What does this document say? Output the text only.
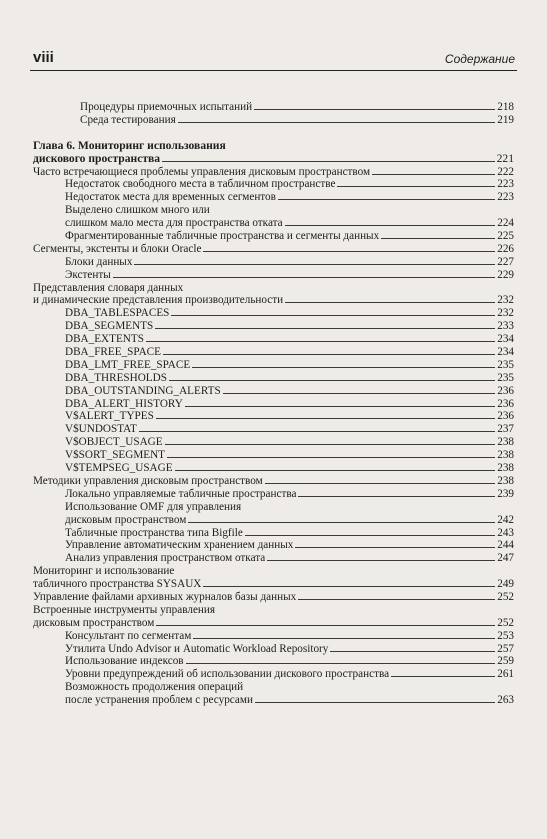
viii	Содержание
Процедуры приемочных испытаний	218
Среда тестирования	219
Глава 6. Мониторинг использования
дискового пространства	221
Часто встречающиеся проблемы управления дисковым пространством	222
Недостаток свободного места в табличном пространстве	223
Недостаток места для временных сегментов	223
Выделено слишком много или
слишком мало места для пространства отката	224
Фрагментированные табличные пространства и сегменты данных	225
Сегменты, экстенты и блоки Oracle	226
Блоки данных	227
Экстенты	229
Представления словаря данных
и динамические представления производительности	232
DBA_TABLESPACES	232
DBA_SEGMENTS	233
DBA_EXTENTS	234
DBA_FREE_SPACE	234
DBA_LMT_FREE_SPACE	235
DBA_THRESHOLDS	235
DBA_OUTSTANDING_ALERTS	236
DBA_ALERT_HISTORY	236
V$ALERT_TYPES	236
V$UNDOSTAT	237
V$OBJECT_USAGE	238
V$SORT_SEGMENT	238
V$TEMPSEG_USAGE	238
Методики управления дисковым пространством	238
Локально управляемые табличные пространства	239
Использование OMF для управления
дисковым пространством	242
Табличные пространства типа Bigfile	243
Управление автоматическим хранением данных	244
Анализ управления пространством отката	247
Мониторинг и использование
табличного пространства SYSAUX	249
Управление файлами архивных журналов базы данных	252
Встроенные инструменты управления
дисковым пространством	252
Консультант по сегментам	253
Утилита Undo Advisor и Automatic Workload Repository	257
Использование индексов	259
Уровни предупреждений об использовании дискового пространства	261
Возможность продолжения операций
после устранения проблем с ресурсами	263
